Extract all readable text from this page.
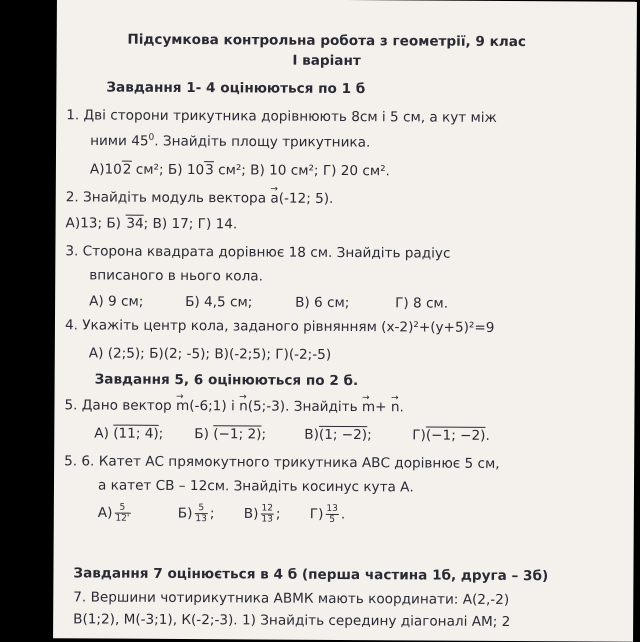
Підсумкова контрольна робота з геометрії, 9 клас
І варіант
Завдання 1- 4 оцінюються по 1 б
1. Дві сторони трикутника дорівнюють 8см і 5 см, а кут між
ними $45^0$. Знайдіть площу трикутника.
А)102 см²; Б) 103 см²; В) 10 см²; Г) 20 см².
2. Знайдіть модуль вектора → a(-12; 5).
А)13; Б) 34; В) 17; Г) 14.
3. Сторона квадрата дорівнює 18 см. Знайдіть радіус
вписаного в нього кола.
А) 9 см;	Б) 4,5 см;	В) 6 см;	Г) 8 см.
4. Укажіть центр кола, заданого рівнянням (x-2)²+(y+5)²=9
А) (2;5); Б)(2; -5); В)(-2;5); Г)(-2;-5)
Завдання 5, 6 оцінюються по 2 б.
5. Дано вектор → m(-6;1) і → n(5;-3). Знайдіть → m+ → n.
А) (11; 4); Б) (−1; 2);	В)(1; −2);	Г)(−1; −2).
5. 6. Катет АС прямокутного трикутника АВС дорівнює 5 см,
а катет СВ – 12см. Знайдіть косинус кута А.
$А) \frac{5}{12'}$	$Б) \frac{5}{13}$ ; $В) \frac{12}{13}$ ; $Г) \frac{13}{5}$ .
Завдання 7 оцінюється в 4 б (перша частина 1б, друга – 3б)
7. Вершини чотирикутника АВМК мають координати: А(2,-2)
В(1;2), М(-3;1), К(-2;-3). 1) Знайдіть середину діагоналі АМ; 2
